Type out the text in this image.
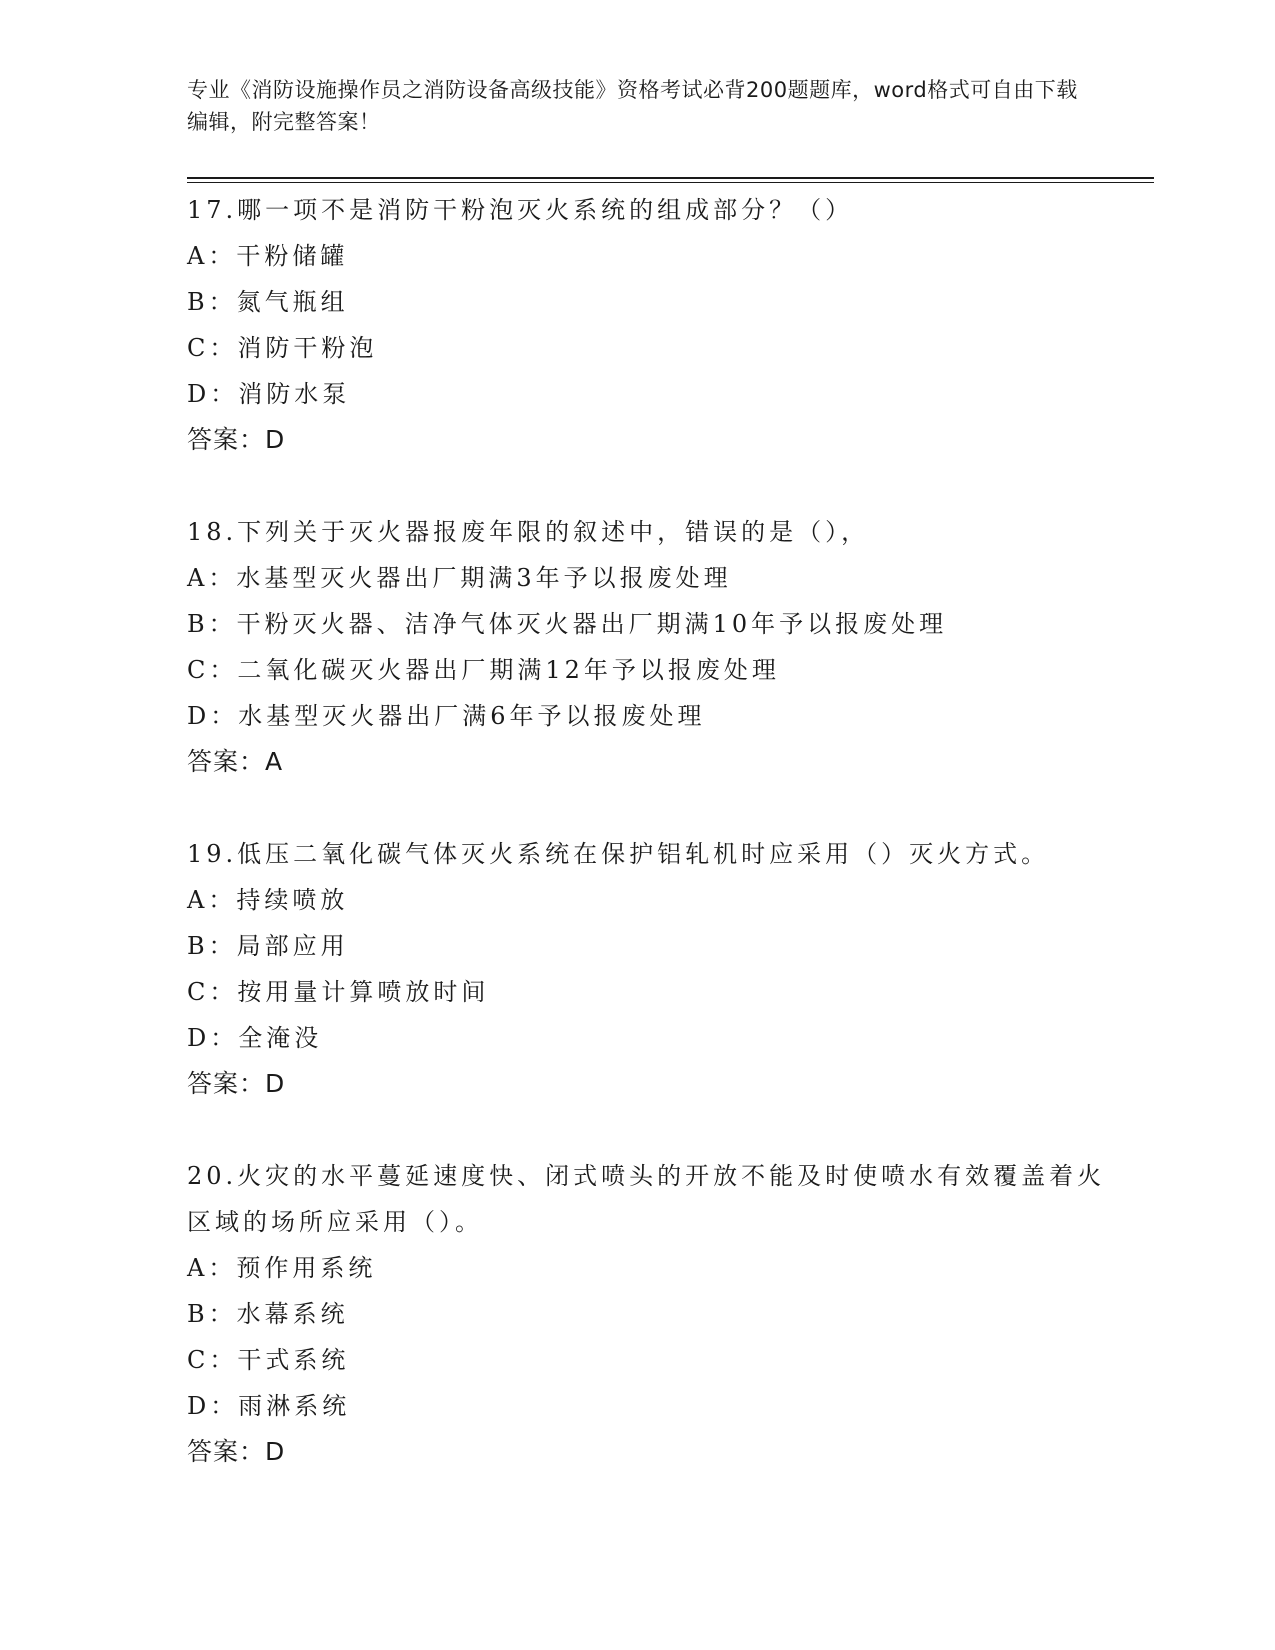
专业《消防设施操作员之消防设备高级技能》资格考试必背200题题库，word格式可自由下载编辑，附完整答案！
17.哪一项不是消防干粉泡灭火系统的组成部分？（）
A：干粉储罐
B：氮气瓶组
C：消防干粉泡
D：消防水泵
答案：D
18.下列关于灭火器报废年限的叙述中，错误的是（），
A：水基型灭火器出厂期满3年予以报废处理
B：干粉灭火器、洁净气体灭火器出厂期满10年予以报废处理
C：二氧化碳灭火器出厂期满12年予以报废处理
D：水基型灭火器出厂满6年予以报废处理
答案：A
19.低压二氧化碳气体灭火系统在保护铝轧机时应采用（）灭火方式。
A：持续喷放
B：局部应用
C：按用量计算喷放时间
D：全淹没
答案：D
20.火灾的水平蔓延速度快、闭式喷头的开放不能及时使喷水有效覆盖着火区域的场所应采用（）。
A：预作用系统
B：水幕系统
C：干式系统
D：雨淋系统
答案：D
